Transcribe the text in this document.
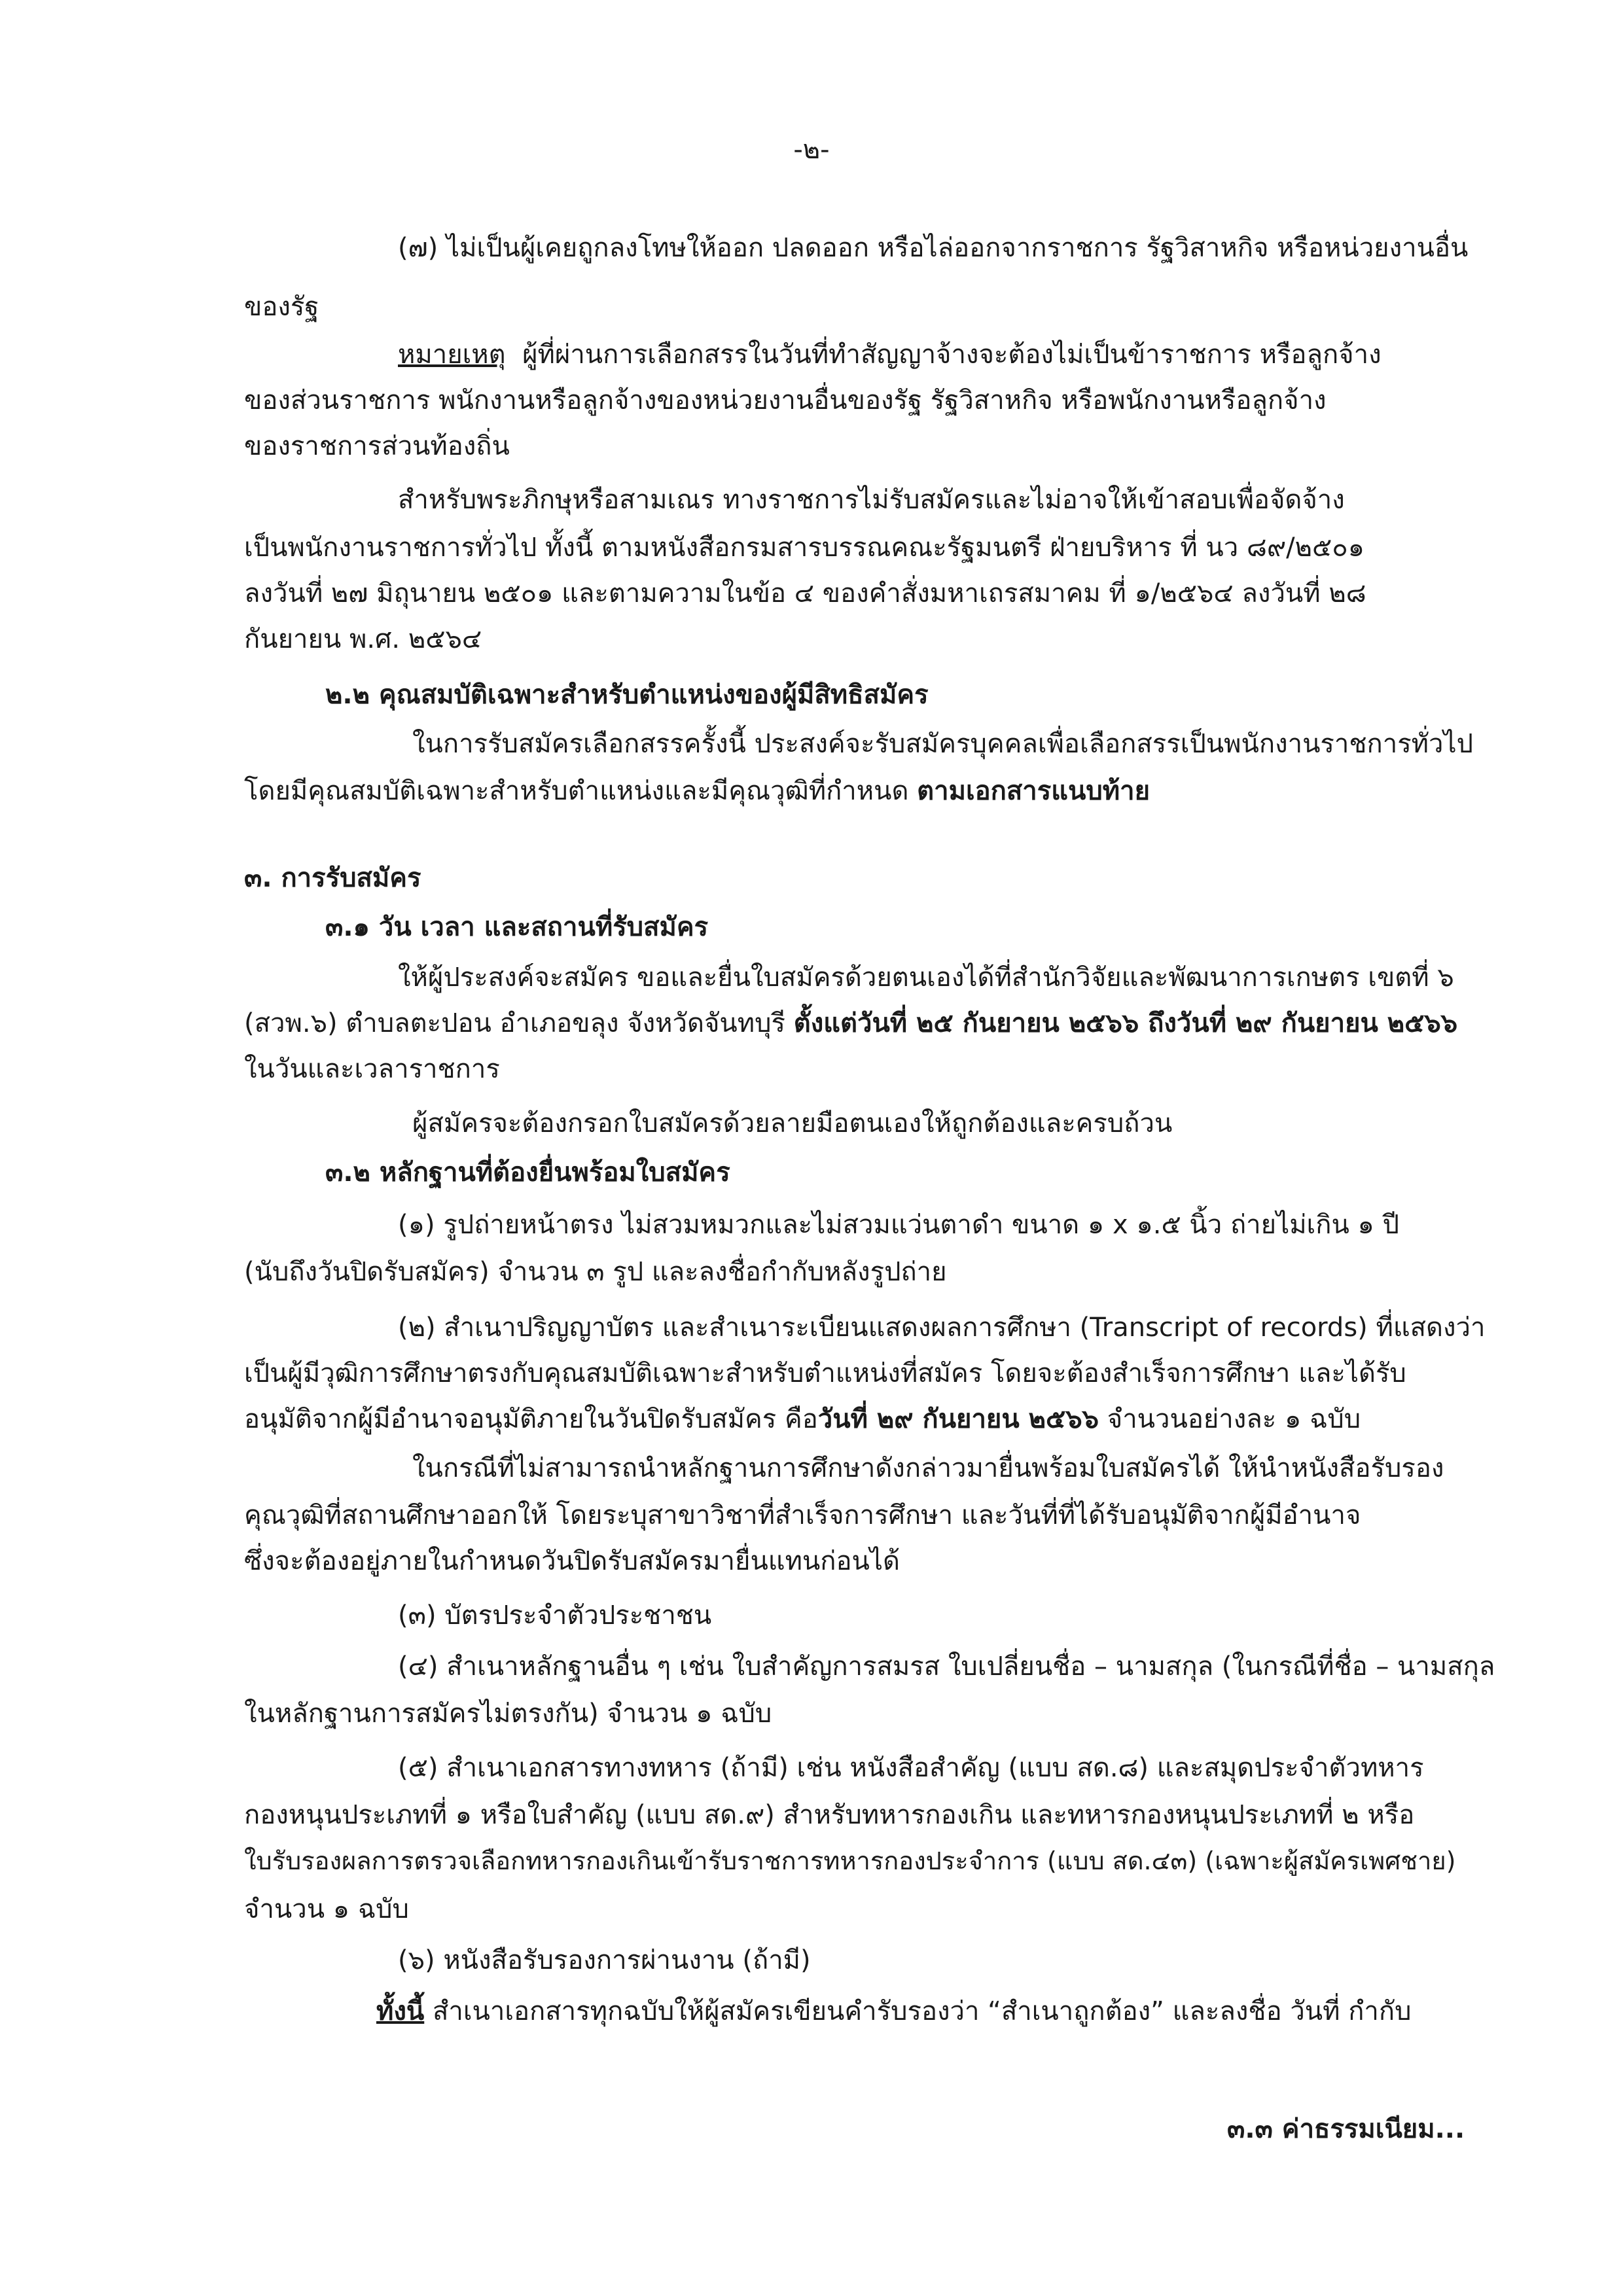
-๒-
(๗) ไม่เป็นผู้เคยถูกลงโทษให้ออก ปลดออก หรือไล่ออกจากราชการ รัฐวิสาหกิจ หรือหน่วยงานอื่น
ของรัฐ
หมายเหตุ ผู้ที่ผ่านการเลือกสรรในวันที่ทำสัญญาจ้างจะต้องไม่เป็นข้าราชการ หรือลูกจ้าง
ของส่วนราชการ พนักงานหรือลูกจ้างของหน่วยงานอื่นของรัฐ รัฐวิสาหกิจ หรือพนักงานหรือลูกจ้าง
ของราชการส่วนท้องถิ่น
สำหรับพระภิกษุหรือสามเณร ทางราชการไม่รับสมัครและไม่อาจให้เข้าสอบเพื่อจัดจ้าง
เป็นพนักงานราชการทั่วไป ทั้งนี้ ตามหนังสือกรมสารบรรณคณะรัฐมนตรี ฝ่ายบริหาร ที่ นว ๘๙/๒๕๐๑
ลงวันที่ ๒๗ มิถุนายน ๒๕๐๑ และตามความในข้อ ๔ ของคำสั่งมหาเถรสมาคม ที่ ๑/๒๕๖๔ ลงวันที่ ๒๘
กันยายน พ.ศ. ๒๕๖๔
๒.๒ คุณสมบัติเฉพาะสำหรับตำแหน่งของผู้มีสิทธิสมัคร
ในการรับสมัครเลือกสรรครั้งนี้ ประสงค์จะรับสมัครบุคคลเพื่อเลือกสรรเป็นพนักงานราชการทั่วไป
โดยมีคุณสมบัติเฉพาะสำหรับตำแหน่งและมีคุณวุฒิที่กำหนด ตามเอกสารแนบท้าย
๓. การรับสมัคร
๓.๑ วัน เวลา และสถานที่รับสมัคร
ให้ผู้ประสงค์จะสมัคร ขอและยื่นใบสมัครด้วยตนเองได้ที่สำนักวิจัยและพัฒนาการเกษตร เขตที่ ๖
(สวพ.๖) ตำบลตะปอน อำเภอขลุง จังหวัดจันทบุรี ตั้งแต่วันที่ ๒๕ กันยายน ๒๕๖๖ ถึงวันที่ ๒๙ กันยายน ๒๕๖๖
ในวันและเวลาราชการ
ผู้สมัครจะต้องกรอกใบสมัครด้วยลายมือตนเองให้ถูกต้องและครบถ้วน
๓.๒ หลักฐานที่ต้องยื่นพร้อมใบสมัคร
(๑) รูปถ่ายหน้าตรง ไม่สวมหมวกและไม่สวมแว่นตาดำ ขนาด ๑ x ๑.๕ นิ้ว ถ่ายไม่เกิน ๑ ปี
(นับถึงวันปิดรับสมัคร) จำนวน ๓ รูป และลงชื่อกำกับหลังรูปถ่าย
(๒) สำเนาปริญญาบัตร และสำเนาระเบียนแสดงผลการศึกษา (Transcript of records) ที่แสดงว่า
เป็นผู้มีวุฒิการศึกษาตรงกับคุณสมบัติเฉพาะสำหรับตำแหน่งที่สมัคร โดยจะต้องสำเร็จการศึกษา และได้รับ
อนุมัติจากผู้มีอำนาจอนุมัติภายในวันปิดรับสมัคร คือวันที่ ๒๙ กันยายน ๒๕๖๖ จำนวนอย่างละ ๑ ฉบับ
ในกรณีที่ไม่สามารถนำหลักฐานการศึกษาดังกล่าวมายื่นพร้อมใบสมัครได้ ให้นำหนังสือรับรอง
คุณวุฒิที่สถานศึกษาออกให้ โดยระบุสาขาวิชาที่สำเร็จการศึกษา และวันที่ที่ได้รับอนุมัติจากผู้มีอำนาจ
ซึ่งจะต้องอยู่ภายในกำหนดวันปิดรับสมัครมายื่นแทนก่อนได้
(๓) บัตรประจำตัวประชาชน
(๔) สำเนาหลักฐานอื่น ๆ เช่น ใบสำคัญการสมรส ใบเปลี่ยนชื่อ – นามสกุล (ในกรณีที่ชื่อ – นามสกุล
ในหลักฐานการสมัครไม่ตรงกัน) จำนวน ๑ ฉบับ
(๕) สำเนาเอกสารทางทหาร (ถ้ามี) เช่น หนังสือสำคัญ (แบบ สด.๘) และสมุดประจำตัวทหาร
กองหนุนประเภทที่ ๑ หรือใบสำคัญ (แบบ สด.๙) สำหรับทหารกองเกิน และทหารกองหนุนประเภทที่ ๒ หรือ
ใบรับรองผลการตรวจเลือกทหารกองเกินเข้ารับราชการทหารกองประจำการ (แบบ สด.๔๓) (เฉพาะผู้สมัครเพศชาย)
จำนวน ๑ ฉบับ
(๖) หนังสือรับรองการผ่านงาน (ถ้ามี)
ทั้งนี้ สำเนาเอกสารทุกฉบับให้ผู้สมัครเขียนคำรับรองว่า “สำเนาถูกต้อง” และลงชื่อ วันที่ กำกับ
๓.๓ ค่าธรรมเนียม...
